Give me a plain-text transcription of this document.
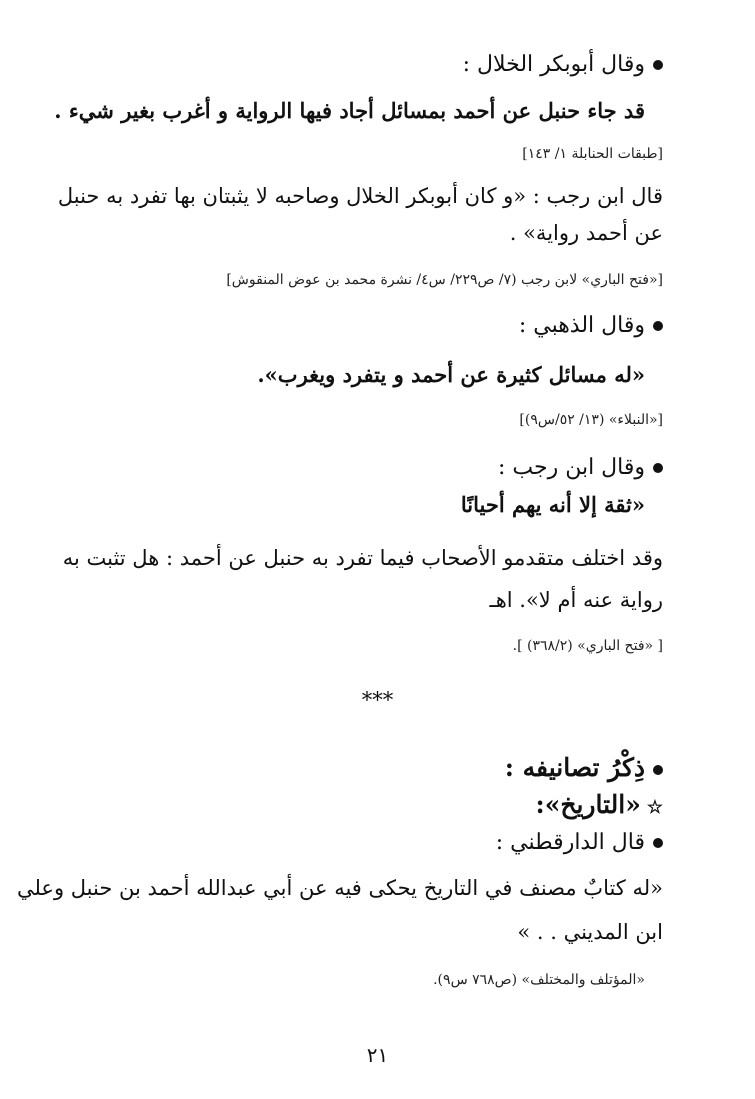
وقال أبوبكر الخلال :
قد جاء حنبل عن أحمد بمسائل أجاد فيها الرواية و أغرب بغير شيء .
[طبقات الحنابلة ١/ ١٤٣]
قال ابن رجب : «و كان أبوبكر الخلال وصاحبه لا يثبتان بها تفرد به حنبل
عن أحمد رواية» .
[«فتح الباري» لابن رجب (٧/ ص٢٢٩/ س٤/ نشرة محمد بن عوض المنقوش]
وقال الذهبي :
«له مسائل كثيرة عن أحمد و يتفرد ويغرب».
[«النبلاء» (١٣/ ٥٢/س٩)]
وقال ابن رجب :
«ثقة إلا أنه يهم أحيانًا
وقد اختلف متقدمو الأصحاب فيما تفرد به حنبل عن أحمد : هل تثبت به
رواية عنه أم لا». اهـ
[ «فتح الباري» (٣٦٨/٢) ].
***
ذِكْرُ تصانيفه :
☆«التاريخ»:
قال الدارقطني :
«له كتابٌ مصنف في التاريخ يحكى فيه عن أبي عبدالله أحمد بن حنبل وعلي
ابن المديني . . »
«المؤتلف والمختلف» (ص٧٦٨ س٩).
٢١
